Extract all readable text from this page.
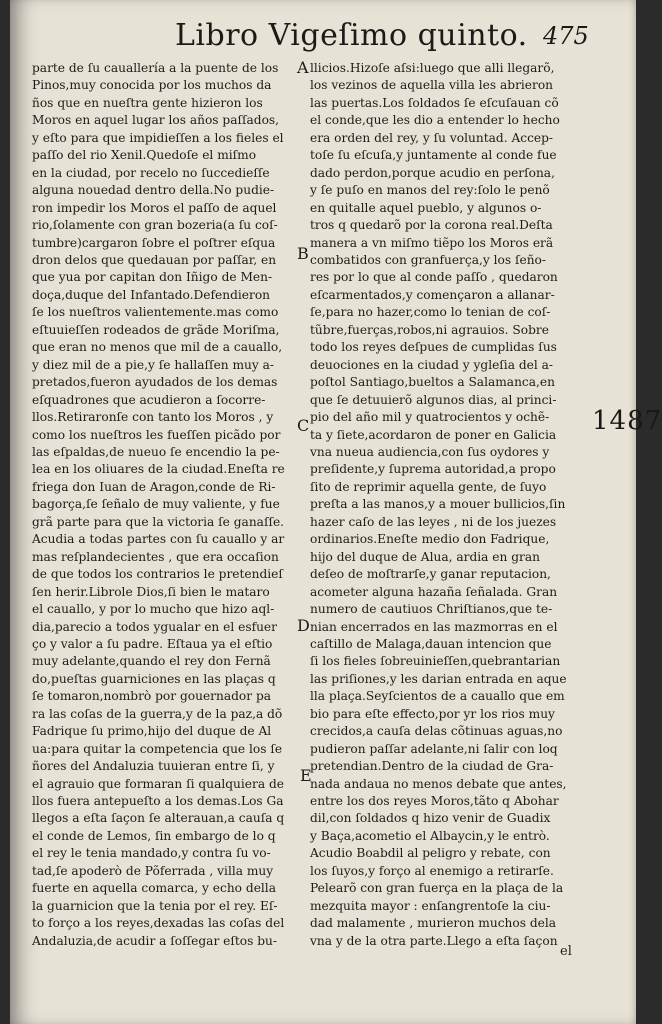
Libro Vigeſimo quinto. 475
parte de ſu cauallería a la puente de los
Pinos,muy conocida por los muchos da
ños que en nueſtra gente hizieron los
Moros en aquel lugar los años paſſados,
y eſto para que impidieſſen a los fieles el
paſſo del rio Xenil.Quedoſe el miſmo
en la ciudad, por recelo no ſuccedieſſe
alguna nouedad dentro della.No pudie-
ron impedir los Moros el paſſo de aquel
rio,ſolamente con gran bozeria(a ſu coſ-
tumbre)cargaron ſobre el poſtrer eſqua
dron delos que quedauan por paſſar, en
que yua por capitan don Iñigo de Men-
doça,duque del Infantado.Defendieron
ſe los nueſtros valientemente.mas como
eſtuuieſſen rodeados de grãde Moriſma,
que eran no menos que mil de a cauallo,
y diez mil de a pie,y ſe hallaſſen muy a-
pretados,fueron ayudados de los demas
eſquadrones que acudieron a ſocorre-
llos.Retiraronſe con tanto los Moros , y
como los nueſtros les fueſſen picãdo por
las eſpaldas,de nueuo ſe encendio la pe-
lea en los oliuares de la ciudad.Eneſta re
friega don Iuan de Aragon,conde de Ri-
bagorça,ſe ſeñalo de muy valiente, y fue
grã parte para que la victoria ſe ganaſſe.
Acudia a todas partes con ſu cauallo y ar
mas reſplandecientes , que era occaſion
de que todos los contrarios le pretendieſ
ſen herir.Librole Dios,ſi bien le mataro
el cauallo, y por lo mucho que hizo aql-
dia,parecio a todos ygualar en el esfuer
ço y valor a ſu padre. Eſtaua ya el eſtio
muy adelante,quando el rey don Fernã
do,pueſtas guarniciones en las plaças q
ſe tomaron,nombrò por gouernador pa
ra las coſas de la guerra,y de la paz,a dõ
Fadrique ſu primo,hijo del duque de Al
ua:para quitar la competencia que los ſe
ñores del Andaluzia tuuieran entre ſi, y
el agrauio que formaran ſi qualquiera de
llos fuera antepueſto a los demas.Los Ga
llegos a eſta ſaçon ſe alterauan,a cauſa q
el conde de Lemos, ſin embargo de lo q
el rey le tenia mandado,y contra ſu vo-
tad,ſe apoderò de Põferrada , villa muy
fuerte en aquella comarca, y echo della
la guarnicion que la tenia por el rey. Eſ-
to forço a los reyes,dexadas las coſas del
Andaluzia,de acudir a ſoſſegar eſtos bu-
llicios.Hizoſe aſsi:luego que alli llegarõ,
los vezinos de aquella villa les abrieron
las puertas.Los ſoldados ſe eſcuſauan cõ
el conde,que les dio a entender lo hecho
era orden del rey, y ſu voluntad. Accep-
toſe ſu eſcuſa,y juntamente al conde fue
dado perdon,porque acudio en perſona,
y ſe puſo en manos del rey:ſolo le penõ
en quitalle aquel pueblo, y algunos o-
tros q quedarõ por la corona real.Deſta
manera a vn miſmo tiẽpo los Moros erã
combatidos con granfuerça,y los ſeño-
res por lo que al conde paſſo , quedaron
eſcarmentados,y començaron a allanar-
ſe,para no hazer,como lo tenian de coſ-
tũbre,fuerças,robos,ni agrauios. Sobre
todo los reyes deſpues de cumplidas ſus
deuociones en la ciudad y ygleſia del a-
poſtol Santiago,bueltos a Salamanca,en
que ſe detuuierõ algunos dias, al princi-
pio del año mil y quatrocientos y ochẽ-
ta y ſiete,acordaron de poner en Galicia
vna nueua audiencia,con ſus oydores y
preſidente,y ſuprema autoridad,a propo
ſito de reprimir aquella gente, de ſuyo
preſta a las manos,y a mouer bullicios,ſin
hazer caſo de las leyes , ni de los juezes
ordinarios.Eneſte medio don Fadrique,
hijo del duque de Alua, ardia en gran
deſeo de moſtrarſe,y ganar reputacion,
acometer alguna hazaña ſeñalada. Gran
numero de cautiuos Chriſtianos,que te-
nian encerrados en las mazmorras en el
caſtillo de Malaga,dauan intencion que
ſi los fieles ſobreuinieſſen,quebrantarian
las priſiones,y les darian entrada en aque
lla plaça.Seyſcientos de a cauallo que em
bio para eſte effecto,por yr los rios muy
crecidos,a cauſa delas cõtinuas aguas,no
pudieron paſſar adelante,ni ſalir con loq
pretendian.Dentro de la ciudad de Gra-
nada andaua no menos debate que antes,
entre los dos reyes Moros,tãto q Abohar
dil,con ſoldados q hizo venir de Guadix
y Baça,acometio el Albaycin,y le entrò.
Acudio Boabdil al peligro y rebate, con
los ſuyos,y forço al enemigo a retirarſe.
Pelearõ con gran fuerça en la plaça de la
mezquita mayor : enſangrentoſe la ciu-
dad malamente , murieron muchos dela
vna y de la otra parte.Llego a eſta ſaçon
A
B
C
D
E
1487
el
